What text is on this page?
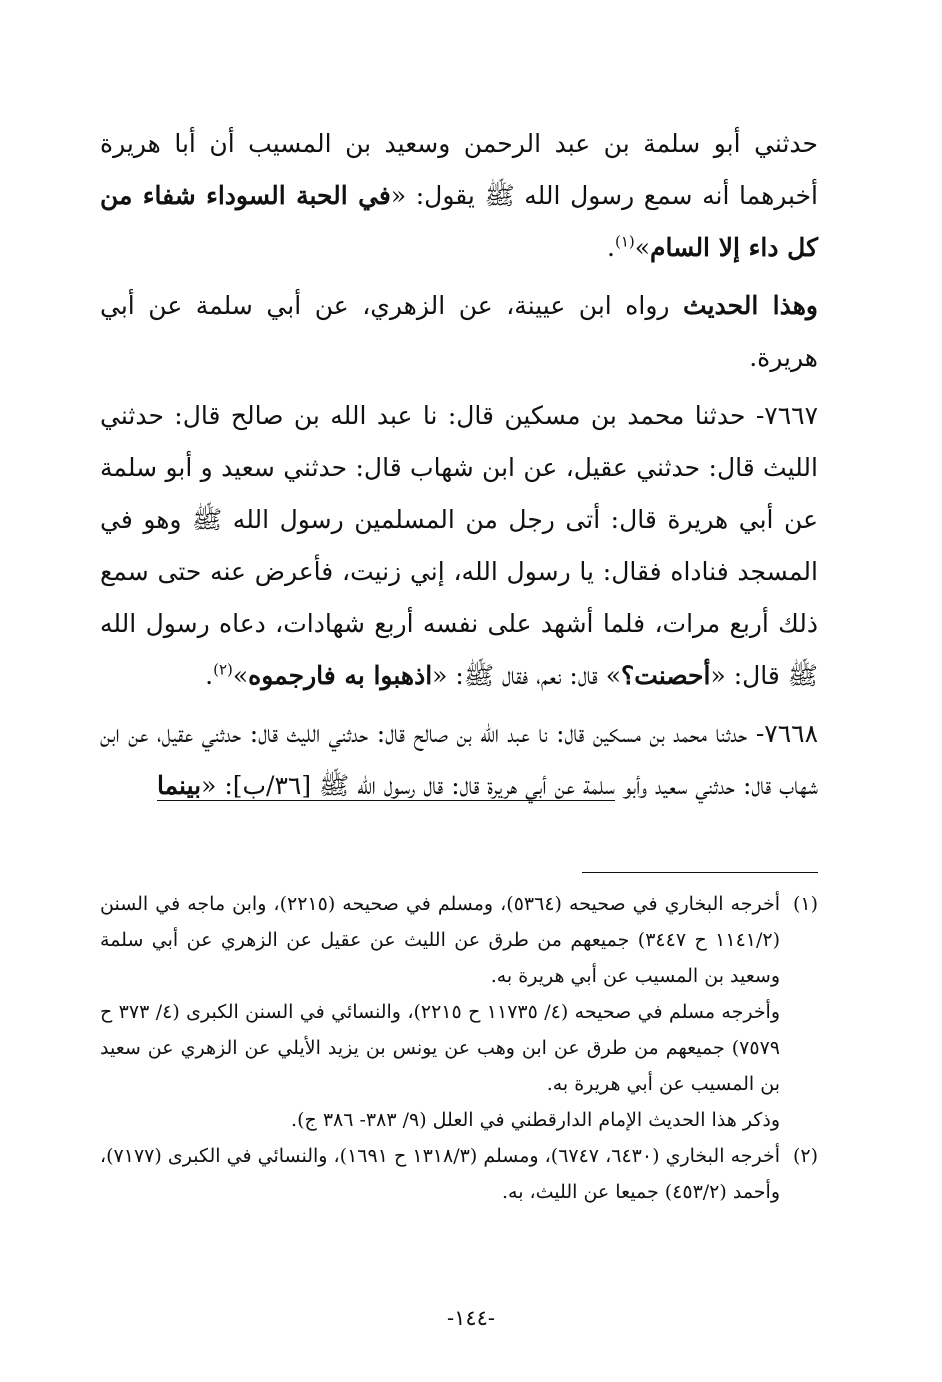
حدثني أبو سلمة بن عبد الرحمن وسعيد بن المسيب أن أبا هريرة أخبرهما أنه سمع رسول الله ﷺ يقول: «في الحبة السوداء شفاء من كل داء إلا السام»$^{(١)}$.

وهذا الحديث رواه ابن عيينة، عن الزهري، عن أبي سلمة عن أبي هريرة.

٧٦٦٧- حدثنا محمد بن مسكين قال: نا عبد الله بن صالح قال: حدثني الليث قال: حدثني عقيل، عن ابن شهاب قال: حدثني سعيد و أبو سلمة عن أبي هريرة قال: أتى رجل من المسلمين رسول الله ﷺ وهو في المسجد فناداه فقال: يا رسول الله، إني زنيت، فأعرض عنه حتى سمع ذلك أربع مرات، فلما أشهد على نفسه أربع شهادات، دعاه رسول الله ﷺ قال: «أحصنت؟» قال: نعم، فقال ﷺ: «اذهبوا به فارجموه»$^{(٢)}$.

٧٦٦٨- حدثنا محمد بن مسكين قال: نا عبد الله بن صالح قال: حدثني الليث قال: حدثني عقيل، عن ابن شهاب قال: حدثني سعيد وأبو سلمة عن أبي هريرة قال: قال رسول الله ﷺ [٣٦/ب]: «بينما

(١)
أخرجه البخاري في صحيحه (٥٣٦٤)، ومسلم في صحيحه (٢٢١٥)، وابن ماجه في السنن (١١٤١/٢ ح ٣٤٤٧) جميعهم من طرق عن الليث عن عقيل عن الزهري عن أبي سلمة وسعيد بن المسيب عن أبي هريرة به.
وأخرجه مسلم في صحيحه (٤/ ١١٧٣٥ ح ٢٢١٥)، والنسائي في السنن الكبرى (٤/ ٣٧٣ ح ٧٥٧٩) جميعهم من طرق عن ابن وهب عن يونس بن يزيد الأيلي عن الزهري عن سعيد بن المسيب عن أبي هريرة به.
وذكر هذا الحديث الإمام الدارقطني في العلل (٩/ ٣٨٣- ٣٨٦ ج).
(٢)
أخرجه البخاري (٦٤٣٠، ٦٧٤٧)، ومسلم (١٣١٨/٣ ح ١٦٩١)، والنسائي في الكبرى (٧١٧٧)، وأحمد (٤٥٣/٢) جميعا عن الليث، به.
-١٤٤-
